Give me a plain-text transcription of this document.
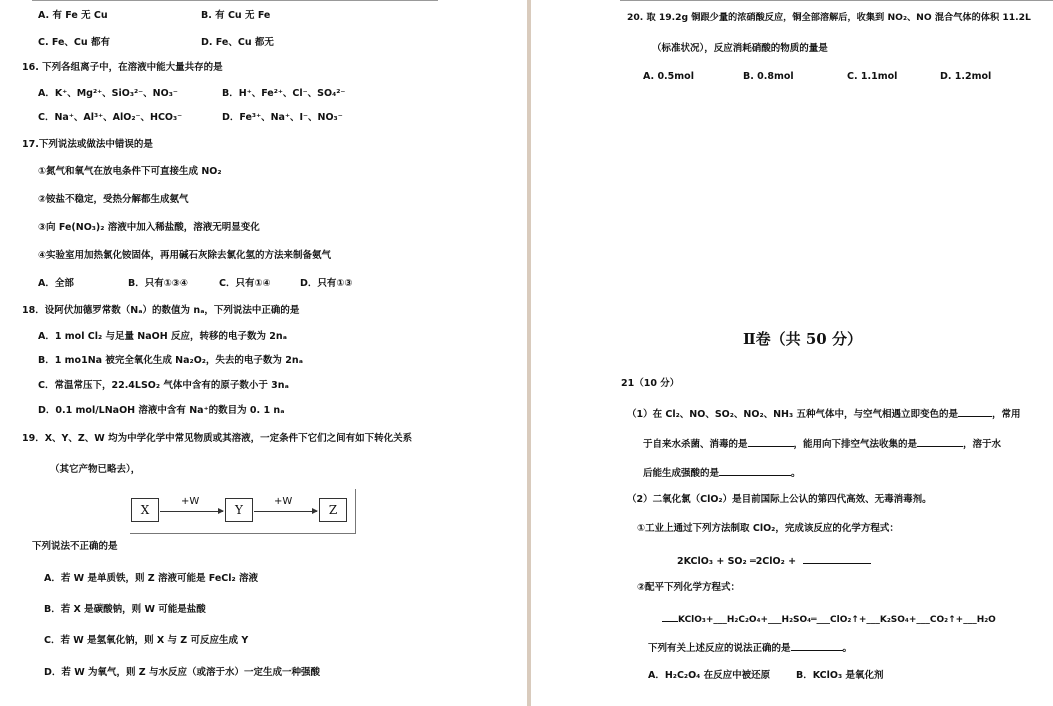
A. 有 Fe 无 Cu	B. 有 Cu 无 Fe
C. Fe、Cu 都有	D. Fe、Cu 都无
16. 下列各组离子中，在溶液中能大量共存的是
A．K⁺、Mg²⁺、SiO₃²⁻、NO₃⁻	B．H⁺、Fe²⁺、Cl⁻、SO₄²⁻
C．Na⁺、Al³⁺、AlO₂⁻、HCO₃⁻	D．Fe³⁺、Na⁺、I⁻、NO₃⁻
17.下列说法或做法中错误的是
①氮气和氧气在放电条件下可直接生成 NO₂
②铵盐不稳定，受热分解都生成氨气
③向 Fe(NO₃)₂ 溶液中加入稀盐酸，溶液无明显变化
④实验室用加热氯化铵固体，再用碱石灰除去氯化氢的方法来制备氨气
A．全部	B．只有①③④	C．只有①④	D．只有①③
18．设阿伏加德罗常数（Nₐ）的数值为 nₐ，下列说法中正确的是
A．1 mol Cl₂ 与足量 NaOH 反应，转移的电子数为 2nₐ
B．1 mo1Na 被完全氧化生成 Na₂O₂，失去的电子数为 2nₐ
C．常温常压下，22.4LSO₂ 气体中含有的原子数小于 3nₐ
D．0.1 mol/LNaOH 溶液中含有 Na⁺的数目为 0. 1 nₐ
19．X、Y、Z、W 均为中学化学中常见物质或其溶液，一定条件下它们之间有如下转化关系
（其它产物已略去），
X
+W
Y
+W
Z
下列说法不正确的是
A．若 W 是单质铁，则 Z 溶液可能是 FeCl₂ 溶液
B．若 X 是碳酸钠，则 W 可能是盐酸
C．若 W 是氢氧化钠，则 X 与 Z 可反应生成 Y
D．若 W 为氧气，则 Z 与水反应（或溶于水）一定生成一种强酸
20. 取 19.2g 铜跟少量的浓硝酸反应，铜全部溶解后，收集到 NO₂、NO 混合气体的体积 11.2L
（标准状况），反应消耗硝酸的物质的量是
A. 0.5mol	B. 0.8mol	C. 1.1mol	D. 1.2mol
Ⅱ卷（共 50 分）
21（10 分）
（1）在 Cl₂、NO、SO₂、NO₂、NH₃ 五种气体中，与空气相遇立即变色的是	，常用
于自来水杀菌、消毒的是	，能用向下排空气法收集的是	，溶于水
后能生成强酸的是	。
（2）二氧化氯（ClO₂）是目前国际上公认的第四代高效、无毒消毒剂。
①工业上通过下列方法制取 ClO₂，完成该反应的化学方程式：
2KClO₃ + SO₂ ═2ClO₂ +
②配平下列化学方程式：
KClO₃+___H₂C₂O₄+___H₂SO₄═___ClO₂↑+___K₂SO₄+___CO₂↑+___H₂O
下列有关上述反应的说法正确的是	。
A．H₂C₂O₄ 在反应中被还原	B．KClO₃ 是氧化剂
